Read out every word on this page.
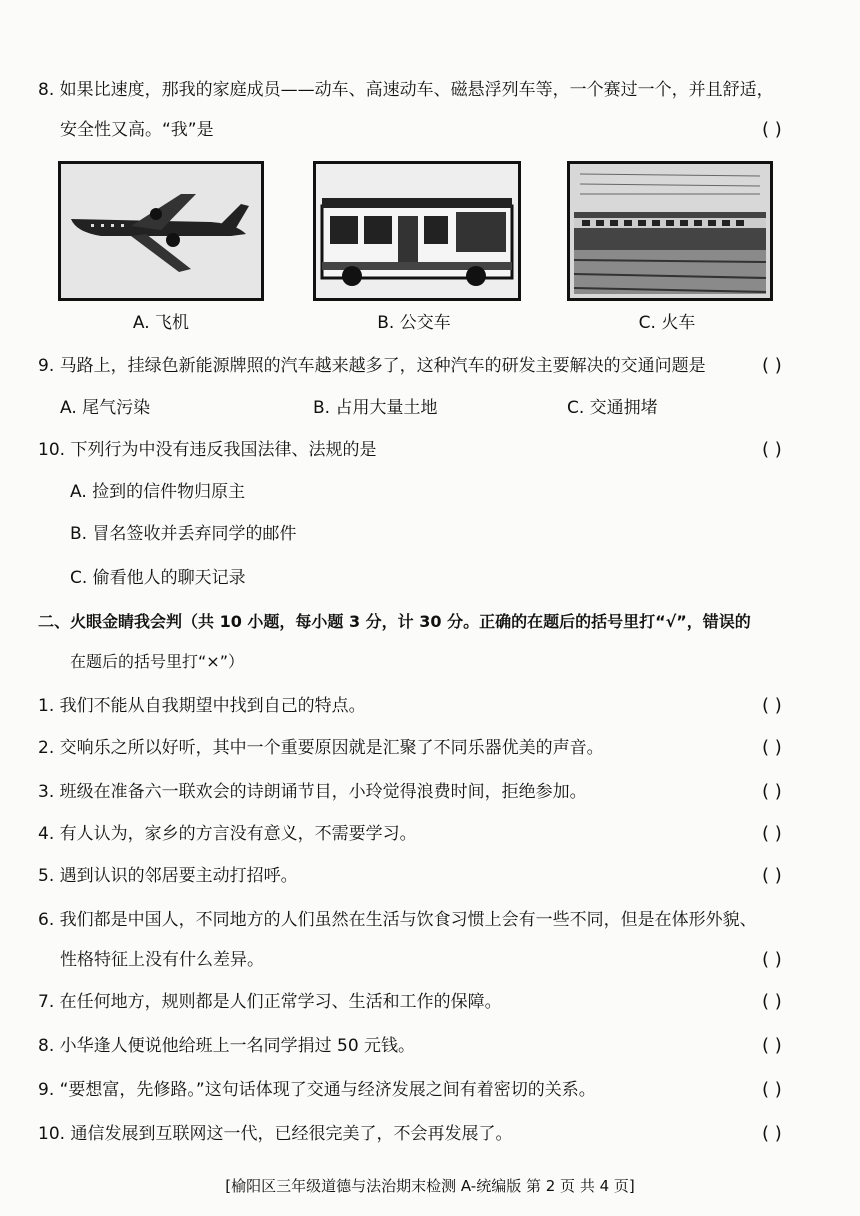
8. 如果比速度，那我的家庭成员——动车、高速动车、磁悬浮列车等，一个赛过一个，并且舒适，
安全性又高。“我”是	( )
A. 飞机	B. 公交车	C. 火车
9. 马路上，挂绿色新能源牌照的汽车越来越多了，这种汽车的研发主要解决的交通问题是	( )
A. 尾气污染	B. 占用大量土地	C. 交通拥堵
10. 下列行为中没有违反我国法律、法规的是	( )
A. 捡到的信件物归原主
B. 冒名签收并丢弃同学的邮件
C. 偷看他人的聊天记录
二、火眼金睛我会判（共 10 小题，每小题 3 分，计 30 分。正确的在题后的括号里打“√”，错误的
在题后的括号里打“×”）
1. 我们不能从自我期望中找到自己的特点。	( )
2. 交响乐之所以好听，其中一个重要原因就是汇聚了不同乐器优美的声音。	( )
3. 班级在准备六一联欢会的诗朗诵节目，小玲觉得浪费时间，拒绝参加。	( )
4. 有人认为，家乡的方言没有意义，不需要学习。	( )
5. 遇到认识的邻居要主动打招呼。	( )
6. 我们都是中国人，不同地方的人们虽然在生活与饮食习惯上会有一些不同，但是在体形外貌、
性格特征上没有什么差异。	( )
7. 在任何地方，规则都是人们正常学习、生活和工作的保障。	( )
8. 小华逢人便说他给班上一名同学捐过 50 元钱。	( )
9. “要想富，先修路。”这句话体现了交通与经济发展之间有着密切的关系。	( )
10. 通信发展到互联网这一代，已经很完美了，不会再发展了。	( )
[榆阳区三年级道德与法治期末检测 A-统编版 第 2 页 共 4 页]
